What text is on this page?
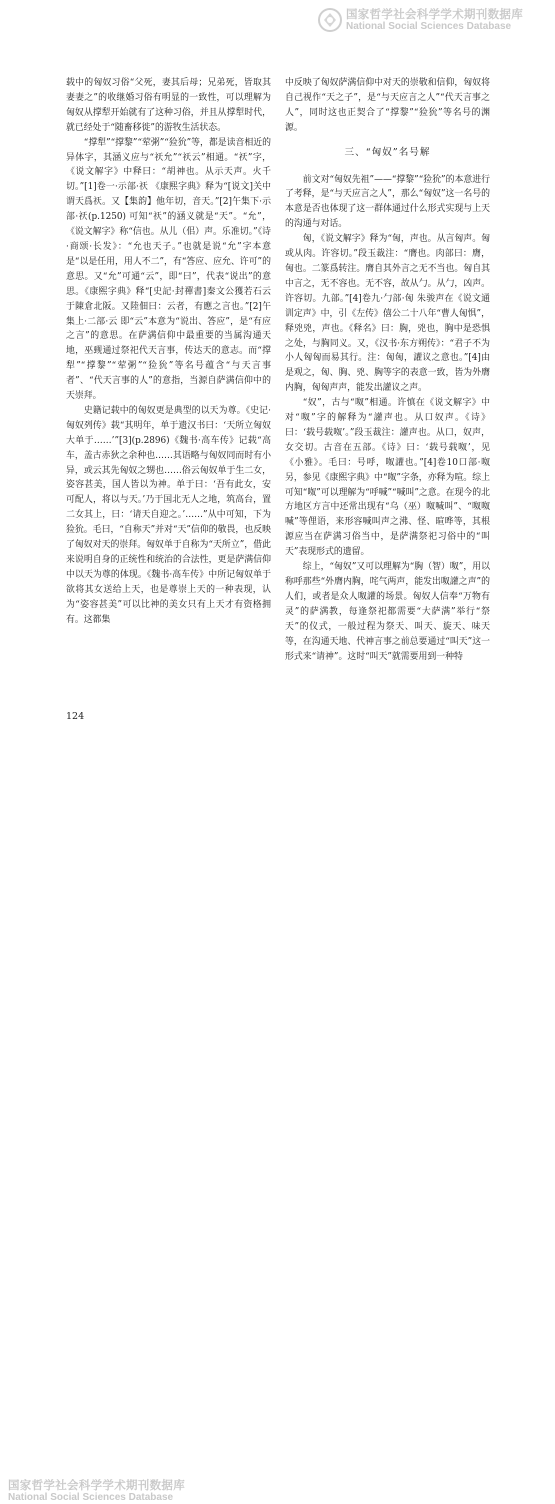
国家哲学社会科学学术期刊数据库
National Social Sciences Database

载中的匈奴习俗“父死，妻其后母；兄弟死，皆取其妻妻之”的收继婚习俗有明显的一致性，可以理解为匈奴从撑犁开始就有了这种习俗，并且从撑犁时代，就已经处于“随畜移徙”的游牧生活状态。

“撑犁”“撑黎”“荤粥”“猃狁”等，都是读音相近的异体字，其涵义应与“祆允”“祆云”相通。“祆”字，《说文解字》中释曰：“胡神也。从示天声。火千切。”[1]卷一·示部·祆 《康熙字典》释为“[说文]关中谓天爲祆。又【集韵】他年切，音天。”[2]午集下·示部·祆(p.1250) 可知“祆”的涵义就是“天”。“允”，《说文解字》称“信也。从儿（佀）声。乐准切。”《诗·商颂·长发》：“允也天子。”也就是说“允”字本意是“以是任用，用人不二”，有“答应、应允、许可”的意思。又“允”可通“云”，即“曰”，代表“说出”的意思。《康熙字典》释“[史記·封禪書]秦文公獲若石云于陳倉北阪。又陸佃曰：云者，有應之言也。”[2]午集上·二部·云 即“云”本意为“说出、答应”，是“有应之言”的意思。在萨满信仰中最重要的当属沟通天地，巫觋通过祭祀代天言事，传达天的意志。而“撑犁”“撑黎”“荤粥”“猃狁”等名号蕴含“与天言事者”、“代天言事的人”的意指，当源自萨满信仰中的天崇拜。

史籍记载中的匈奴更是典型的以天为尊。《史记·匈奴列传》载“其明年，单于遗汉书曰：‘天所立匈奴大单于……’”[3](p.2896)《魏书·高车传》记载“高车，盖古赤狄之余种也……其语略与匈奴同而时有小异，或云其先匈奴之甥也……俗云匈奴单于生二女，姿容甚美，国人皆以为神。单于曰：‘吾有此女，安可配人，将以与天。’乃于国北无人之地，筑高台，置二女其上，曰：‘请天自迎之。’……”从中可知，下为猃狁。毛曰，“自称天”并对“天”信仰的敬畏，也反映了匈奴对天的崇拜。匈奴单于自称为“天所立”，借此来说明自身的正统性和统治的合法性，更是萨满信仰中以天为尊的体现。《魏书·高车传》中所记匈奴单于欲将其女送给上天，也是尊崇上天的一种表现，认为“姿容甚美”可以比神的美女只有上天才有资格拥有。这都集

中反映了匈奴萨满信仰中对天的崇敬和信仰，匈奴将自己视作“天之子”，是“与天应言之人”“代天言事之人”，同时这也正契合了“撑黎”“猃狁”等名号的渊源。

三、“匈奴”名号解

前文对“匈奴先祖”——“撑黎”“猃狁”的本意进行了考释，是“与天应言之人”，那么“匈奴”这一名号的本意是否也体现了这一群体通过什么形式实现与上天的沟通与对话。

匈，《说文解字》释为“匈，声也。从言匈声。匈或从肉。许容切。”段玉裁注：“膺也。肉部曰：膺，匈也。二篆爲转注。膺自其外言之无不当也。匈自其中言之，无不容也。无不容，故从勹。从勹，凶声。许容切。九部。”[4]卷九·勹部·匈 朱骏声在《说文通训定声》中，引《左传》僖公二十八年“曹人匈惧”，释兇兇，声也。《释名》曰：胸，兇也，胸中是恐惧之处，与胸同义。又，《汉书·东方朔传》：“君子不为小人匈匈而易其行。注：匈匈，讙议之意也。”[4]由是观之，匈、胸、兇、胸等字的表意一致，皆为外膺内胸，匈匈声声，能发出讙议之声。

“奴”，古与“呶”相通。许慎在《说文解字》中对“呶”字的解释为“讙声也。从口奴声。《诗》曰：‘载号载呶’。”段玉裁注：讙声也。从口，奴声，女交切。古音在五部。《诗》曰：‘载号载呶’，见《小雅》。毛曰：号呼，呶讙也。”[4]卷10口部·呶 另，参见《康熙字典》中“呶”字条，亦释为喧。综上可知“呶”可以理解为“呼喊”“喊叫”之意。在现今的北方地区方言中还常出现有“乌（巫）呶喊叫”、“呶呶喊”等俚语，来形容喊叫声之沸、怪、暄哗等，其根源应当在萨满习俗当中，是萨满祭祀习俗中的“叫天”表现形式的遗留。

综上，“匈奴”又可以理解为“胸（智）呶”，用以称呼那些“外膺内胸，咤气两声，能发出呶讙之声”的人们，或者是众人呶讙的场景。匈奴人信奉“万物有灵”的萨满教，每逢祭祀都需要“大萨满”举行“祭天”的仪式，一般过程为祭天、叫天、旋天、味天等，在沟通天地、代神言事之前总要通过“叫天”这一形式来“请神”。这时“叫天”就需要用到一种特

124
国家哲学社会科学学术期刊数据库
National Social Sciences Database
